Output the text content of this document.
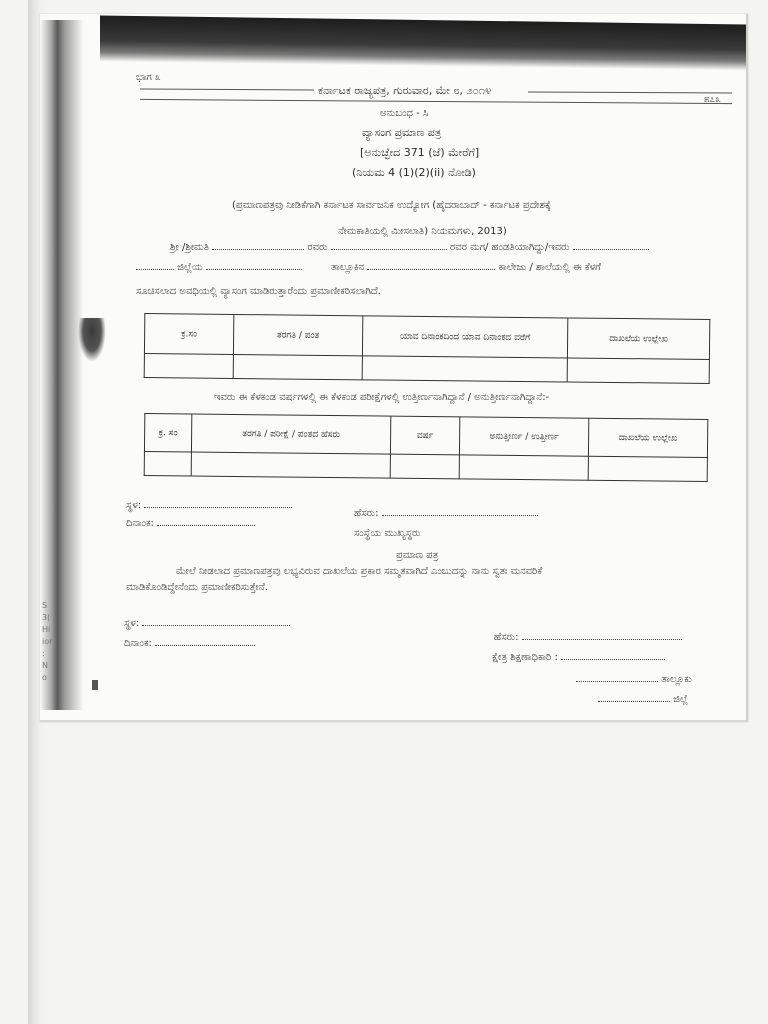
S
3(
Hi
ior
:
N
o
ಭಾಗ ೩
ಕರ್ನಾಟಕ ರಾಜ್ಯಪತ್ರ, ಗುರುವಾರ, ಮೇ ೮, ೨೦೧೪
೫೭೩
ಅನುಬಂಧ - ಸಿ
ವ್ಯಾಸಂಗ ಪ್ರಮಾಣ ಪತ್ರ
[ಅನುಚ್ಛೇದ 371 (ಜೆ) ಮೇರೆಗೆ]
(ನಿಯಮ 4 (1)(2)(ii) ನೋಡಿ)
(ಪ್ರಮಾಣಪತ್ರವು ನೀಡಿಕೆಗಾಗಿ ಕರ್ನಾಟಕ ಸಾರ್ವಜನಿಕ ಉದ್ಯೋಗ (ಹೈದರಾಬಾದ್ - ಕರ್ನಾಟಕ ಪ್ರದೇಶಕ್ಕೆ
ನೇಮಕಾತಿಯಲ್ಲಿ ಮೀಸಲಾತಿ) ನಿಯಮಗಳು, 2013)
ಶ್ರೀ /ಶ್ರೀಮತಿ	ರವರು	ರವರ ಮಗ/ ಹಂಡತಿಯಾಗಿದ್ದು/ಇವರು
ಜಿಲ್ಲೆಯ	ತಾಲ್ಲೂಕಿನ	ಕಾಲೇಜು / ಶಾಲೆಯಲ್ಲಿ ಈ ಕೆಳಗೆ
ಸೂಚಿಸಲಾದ ಅವಧಿಯಲ್ಲಿ ವ್ಯಾಸಂಗ ಮಾಡಿರುತ್ತಾರೆಂದು ಪ್ರಮಾಣೀಕರಿಸಲಾಗಿದೆ.
ಕ್ರ.ಸಂ	ತರಗತಿ / ಪಂತ	ಯಾವ ದಿನಾಂಕದಿಂದ ಯಾವ ದಿನಾಂಕದ ವರೆಗೆ	ದಾಖಲೆಯ ಉಲ್ಲೇಖ

ಇವರು ಈ ಕೆಳಕಂಡ ವರ್ಷಗಳಲ್ಲಿ ಈ ಕೆಳಕಂಡ ಪರೀಕ್ಷೆಗಳಲ್ಲಿ ಉತ್ತೀರ್ಣನಾಗಿದ್ದಾನೆ / ಅನುತ್ತೀರ್ಣನಾಗಿದ್ದಾನೆ:-
ಕ್ರ. ಸಂ	ತರಗತಿ / ಪರೀಕ್ಷೆ / ಪಂತದ ಹೆಸರು	ವರ್ಷ	ಅನುತ್ತೀರ್ಣ / ಉತ್ತೀರ್ಣ	ದಾಖಲೆಯ ಉಲ್ಲೇಖ

ಸ್ಥಳ:
ದಿನಾಂಕ:
ಹೆಸರು:
ಸಂಸ್ಥೆಯ ಮುಖ್ಯಸ್ಥರು
ಪ್ರಮಾಣ ಪತ್ರ
ಮೇಲೆ ನೀಡಲಾದ ಪ್ರಮಾಣಪತ್ರವು ಲಭ್ಯವಿರುವ ದಾಖಲೆಯ ಪ್ರಕಾರ ಸಮ್ಮತವಾಗಿದೆ ಎಂಬುದನ್ನು ನಾನು ಸ್ವತಃ ಮನವರಿಕೆ
ಮಾಡಿಕೊಂಡಿದ್ದೇನೆಂದು ಪ್ರಮಾಣೀಕರಿಸುತ್ತೇನೆ.
ಸ್ಥಳ:
ದಿನಾಂಕ:
ಹೆಸರು:
ಕ್ಷೇತ್ರ ಶಿಕ್ಷಣಾಧಿಕಾರಿ :
ತಾಲ್ಲೂಕು
ಜಿಲ್ಲೆ
